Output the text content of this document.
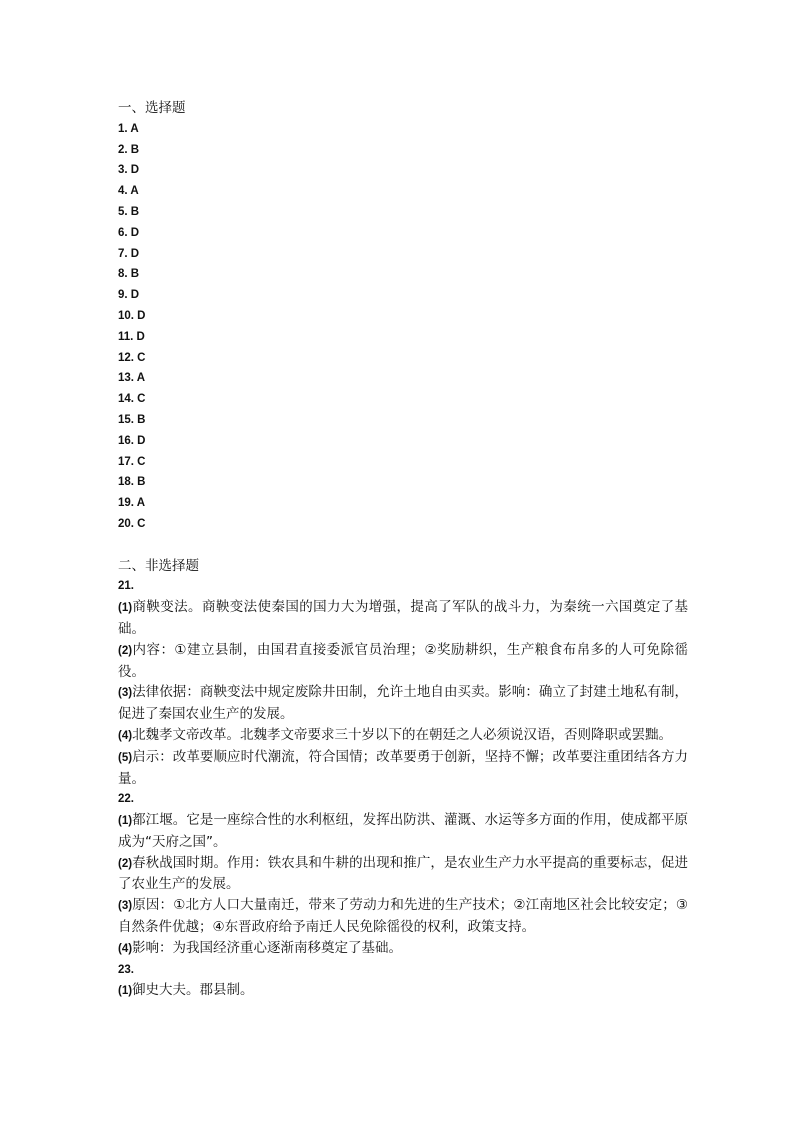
一、选择题
1. A
2. B
3. D
4. A
5. B
6. D
7. D
8. B
9. D
10. D
11. D
12. C
13. A
14. C
15. B
16. D
17. C
18. B
19. A
20. C
二、非选择题
21.

(1)商鞅变法。商鞅变法使秦国的国力大为增强，提高了军队的战斗力，为秦统一六国奠定了基础。

(2)内容：①建立县制，由国君直接委派官员治理；②奖励耕织，生产粮食布帛多的人可免除徭役。

(3)法律依据：商鞅变法中规定废除井田制，允许土地自由买卖。影响：确立了封建土地私有制，促进了秦国农业生产的发展。

(4)北魏孝文帝改革。北魏孝文帝要求三十岁以下的在朝廷之人必须说汉语，否则降职或罢黜。

(5)启示：改革要顺应时代潮流，符合国情；改革要勇于创新，坚持不懈；改革要注重团结各方力量。

22.

(1)都江堰。它是一座综合性的水利枢纽，发挥出防洪、灌溉、水运等多方面的作用，使成都平原成为“天府之国”。

(2)春秋战国时期。作用：铁农具和牛耕的出现和推广，是农业生产力水平提高的重要标志，促进了农业生产的发展。

(3)原因：①北方人口大量南迁，带来了劳动力和先进的生产技术；②江南地区社会比较安定；③自然条件优越；④东晋政府给予南迁人民免除徭役的权利，政策支持。

(4)影响：为我国经济重心逐渐南移奠定了基础。

23.

(1)御史大夫。郡县制。
